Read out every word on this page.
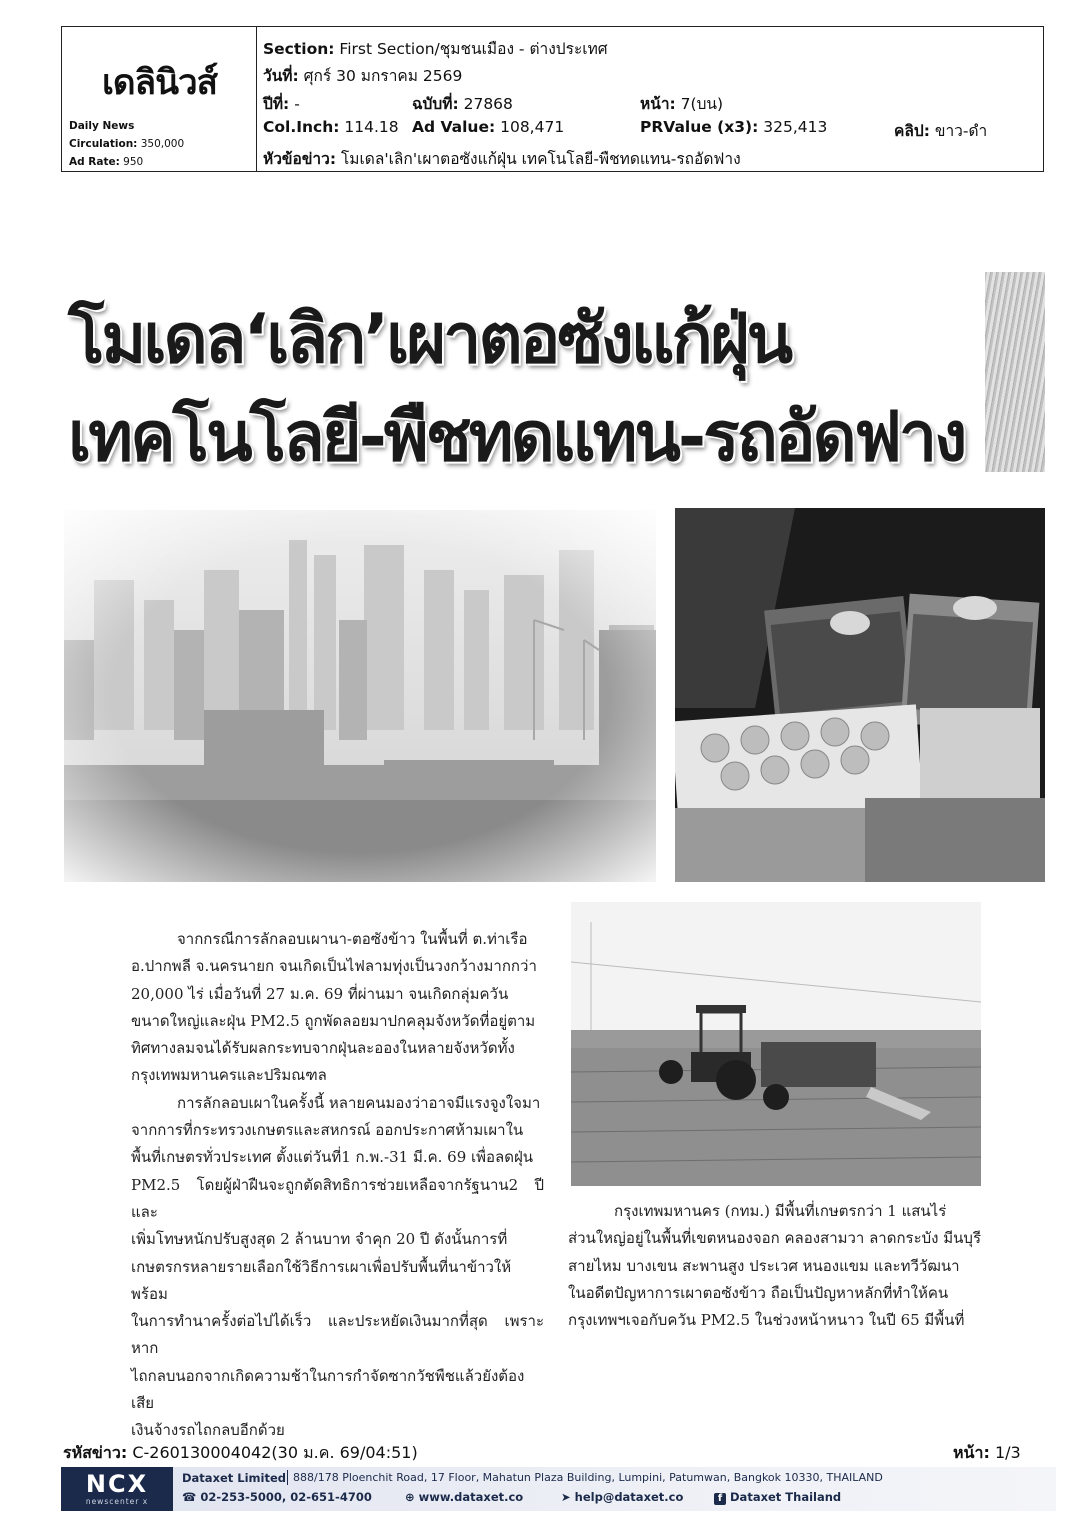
เดลินิวส์
Daily News
Circulation: 350,000
Ad Rate: 950
Section: First Section/ชุมชนเมือง - ต่างประเทศ
วันที่: ศุกร์ 30 มกราคม 2569
ปีที่: -	ฉบับที่: 27868	หน้า: 7(บน)
Col.Inch: 114.18 Ad Value: 108,471	PRValue (x3): 325,413	คลิป: ขาว-ดำ
หัวข้อข่าว: โมเดล'เลิก'เผาตอซังแก้ฝุ่น เทคโนโลยี-พืชทดแทน-รถอัดฟาง
โมเดล‘เลิก’เผาตอซังแก้ฝุ่น
เทคโนโลยี-พืชทดแทน-รถอัดฟาง

จากกรณีการลักลอบเผานา-ตอซังข้าว ในพื้นที่ ต.ท่าเรือ

อ.ปากพลี จ.นครนายก จนเกิดเป็นไฟลามทุ่งเป็นวงกว้างมากกว่า

20,000 ไร่ เมื่อวันที่ 27 ม.ค. 69 ที่ผ่านมา จนเกิดกลุ่มควัน

ขนาดใหญ่และฝุ่น PM2.5 ถูกพัดลอยมาปกคลุมจังหวัดที่อยู่ตาม

ทิศทางลมจนได้รับผลกระทบจากฝุ่นละอองในหลายจังหวัดทั้ง

กรุงเทพมหานครและปริมณฑล

การลักลอบเผาในครั้งนี้ หลายคนมองว่าอาจมีแรงจูงใจมา

จากการที่กระทรวงเกษตรและสหกรณ์ ออกประกาศห้ามเผาใน

พื้นที่เกษตรทั่วประเทศ ตั้งแต่วันที่1 ก.พ.-31 มี.ค. 69 เพื่อลดฝุ่น

PM2.5 โดยผู้ฝ่าฝืนจะถูกตัดสิทธิการช่วยเหลือจากรัฐนาน2 ปี และ

เพิ่มโทษหนักปรับสูงสุด 2 ล้านบาท จำคุก 20 ปี ดังนั้นการที่

เกษตรกรหลายรายเลือกใช้วิธีการเผาเพื่อปรับพื้นที่นาข้าวให้พร้อม

ในการทำนาครั้งต่อไปได้เร็ว และประหยัดเงินมากที่สุด เพราะหาก

ไถกลบนอกจากเกิดความช้าในการกำจัดซากวัชพืชแล้วยังต้องเสีย

เงินจ้างรถไถกลบอีกด้วย

กรุงเทพมหานคร (กทม.) มีพื้นที่เกษตรกว่า 1 แสนไร่

ส่วนใหญ่อยู่ในพื้นที่เขตหนองจอก คลองสามวา ลาดกระบัง มีนบุรี

สายไหม บางเขน สะพานสูง ประเวศ หนองแขม และทวีวัฒนา

ในอดีตปัญหาการเผาตอซังข้าว ถือเป็นปัญหาหลักที่ทำให้คน

กรุงเทพฯเจอกับควัน PM2.5 ในช่วงหน้าหนาว ในปี 65 มีพื้นที่

รหัสข่าว: C-260130004042(30 ม.ค. 69/04:51)	หน้า: 1/3
NCX
newscenter x
Dataxet Limited 888/178 Ploenchit Road, 17 Floor, Mahatun Plaza Building, Lumpini, Patumwan, Bangkok 10330, THAILAND
☎ 02-253-5000, 02-651-4700	⊕ www.dataxet.co	➤ help@dataxet.co	f Dataxet Thailand
